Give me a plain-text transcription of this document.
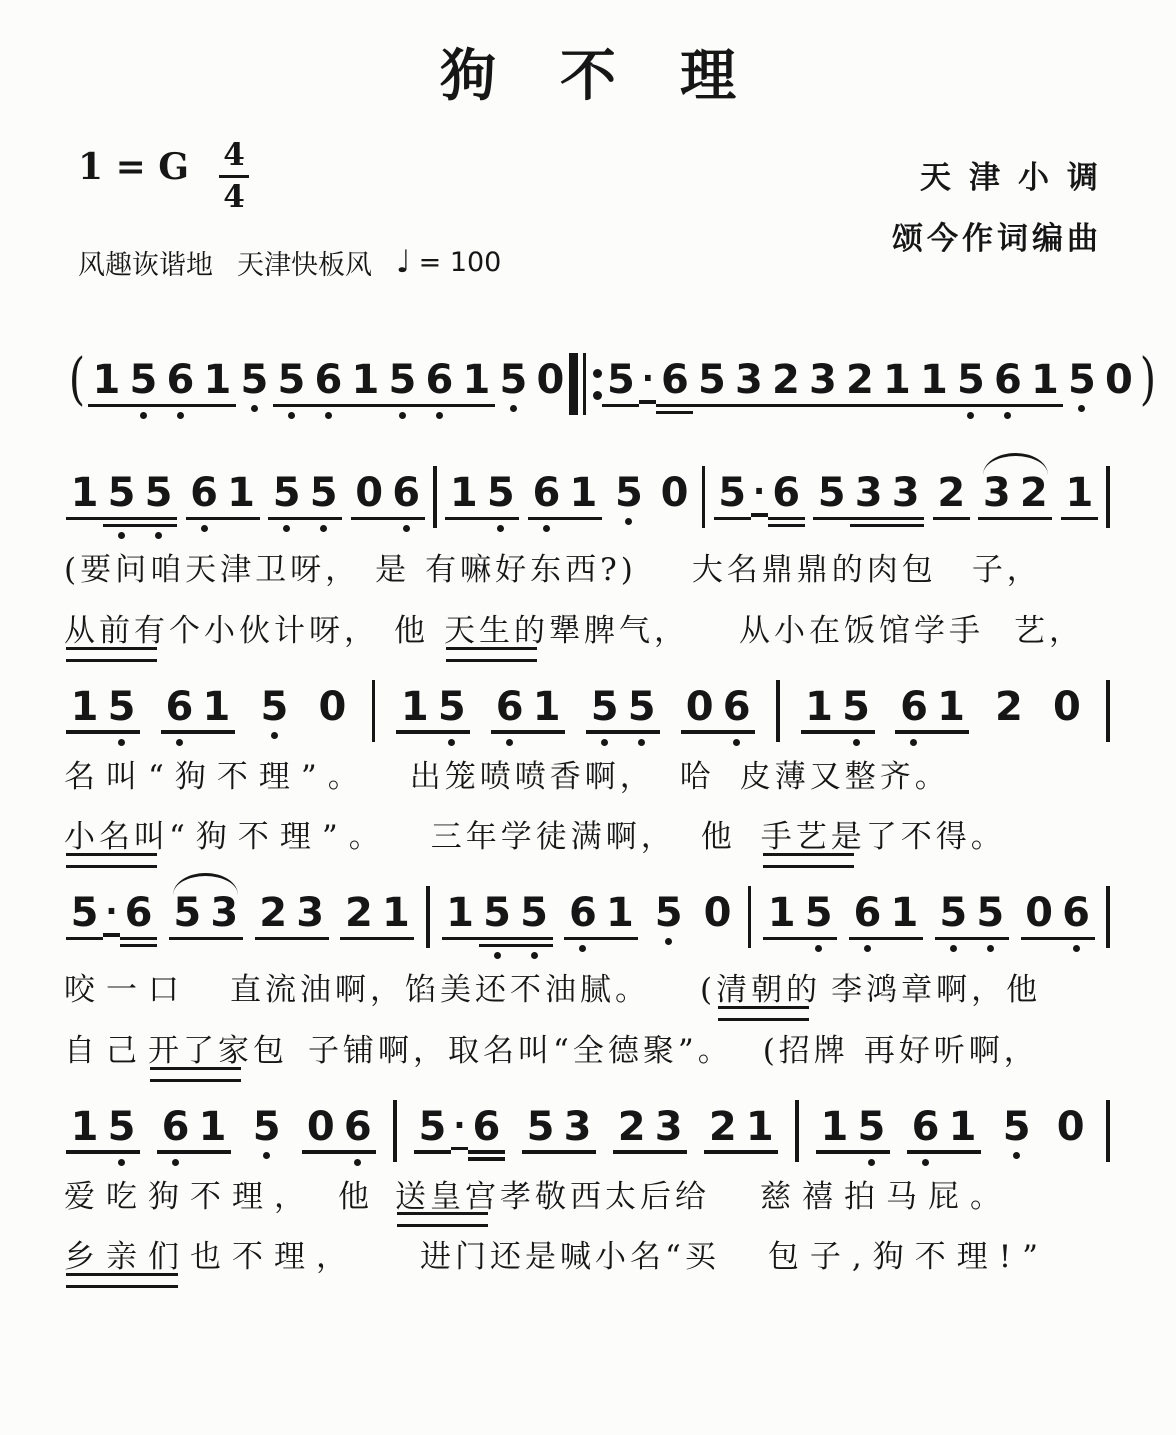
狗不理
1 = G $\frac{4}{4}$
风趣诙谐地 天津快板风 ♩ = 100
天津小调
颂今作词编曲
( 1 5 6 1 5 5 6 1 5 6 1 5 0 5 · 6 5 3 2 3 2 1 1 5 6 1 5 0 )
1 5 5 6 1 5 5 0 6 1 5 6 1 5 0 5 · 6 5 3 3 2 3 2 1
(要问咱天津卫呀， 是 有嘛好东西?) 大名鼎鼎的肉包 子，
从前有 个小伙计呀， 他 天生的 犟脾气， 从小在饭馆学手 艺，
1 5 6 1 5 0 1 5 6 1 5 5 0 6 1 5 6 1 2 0
名叫“狗不理”。 出笼喷喷香啊， 哈 皮薄又整齐。
小名叫 “狗不理”。 三年学徒满啊， 他 手艺是 了不得。
5 · 6 5 3 2 3 2 1 1 5 5 6 1 5 0 1 5 6 1 5 5 0 6
咬一口 直流油啊，馅美还不油腻。 ( 清朝的 李鸿章啊，他
自己 开了家 包 子铺啊，取名叫“全德聚”。 (招牌 再好听啊，
1 5 6 1 5 0 6 5 · 6 5 3 2 3 2 1 1 5 6 1 5 0
爱吃狗不理， 他 送皇宫 孝敬西太后给 慈禧拍马屁。
乡亲们 也不理， 进门还是喊小名“买 包子,狗不理!”
